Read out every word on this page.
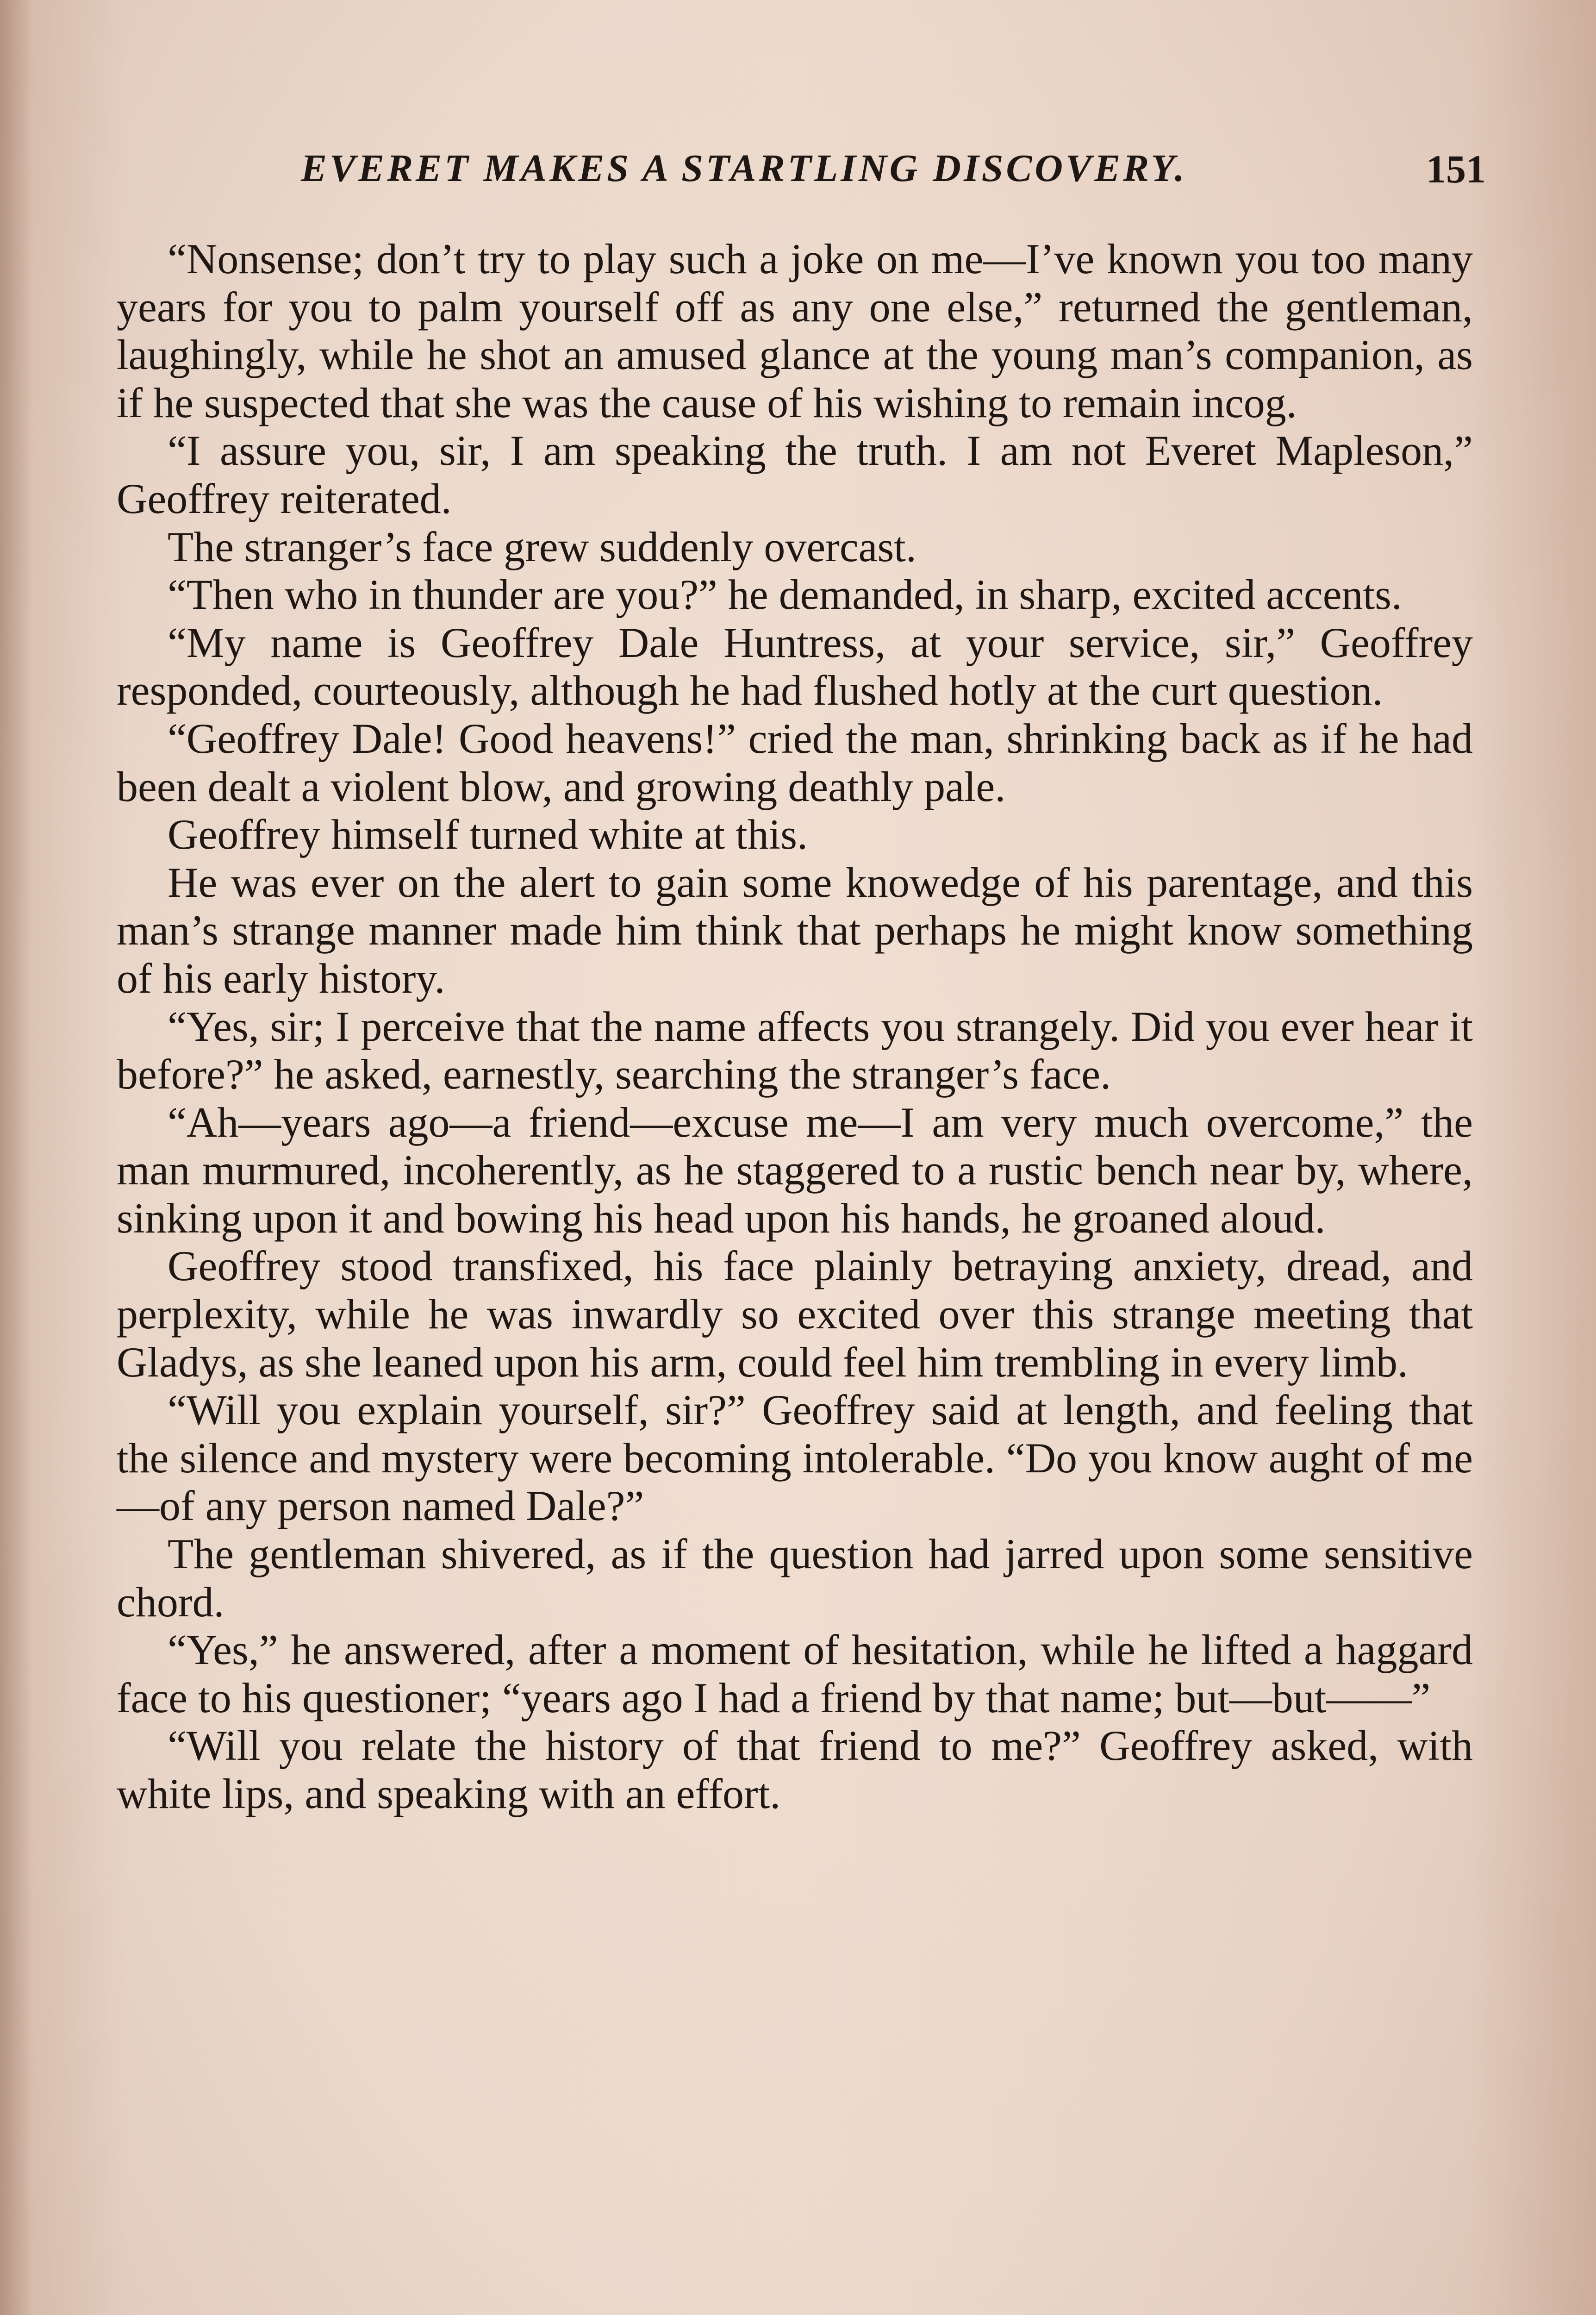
EVERET MAKES A STARTLING DISCOVERY.	151

“Nonsense; don’t try to play such a joke on me—I’ve known you too many years for you to palm yourself off as any one else,” returned the gentleman, laughingly, while he shot an amused glance at the young man’s companion, as if he suspected that she was the cause of his wishing to remain incog.

“I assure you, sir, I am speaking the truth. I am not Everet Mapleson,” Geoffrey reiterated.

The stranger’s face grew suddenly overcast.

“Then who in thunder are you?” he demanded, in sharp, excited accents.

“My name is Geoffrey Dale Huntress, at your service, sir,” Geoffrey responded, courteously, although he had flushed hotly at the curt question.

“Geoffrey Dale! Good heavens!” cried the man, shrinking back as if he had been dealt a violent blow, and growing deathly pale.

Geoffrey himself turned white at this.

He was ever on the alert to gain some knowedge of his parentage, and this man’s strange manner made him think that perhaps he might know something of his early history.

“Yes, sir; I perceive that the name affects you strangely. Did you ever hear it before?” he asked, earnestly, searching the stranger’s face.

“Ah—years ago—a friend—excuse me—I am very much overcome,” the man murmured, incoherently, as he staggered to a rustic bench near by, where, sinking upon it and bowing his head upon his hands, he groaned aloud.

Geoffrey stood transfixed, his face plainly betraying anxiety, dread, and perplexity, while he was inwardly so excited over this strange meeting that Gladys, as she leaned upon his arm, could feel him trembling in every limb.

“Will you explain yourself, sir?” Geoffrey said at length, and feeling that the silence and mystery were becoming intolerable. “Do you know aught of me—of any person named Dale?”

The gentleman shivered, as if the question had jarred upon some sensitive chord.

“Yes,” he answered, after a moment of hesitation, while he lifted a haggard face to his questioner; “years ago I had a friend by that name; but—but——”

“Will you relate the history of that friend to me?” Geoffrey asked, with white lips, and speaking with an effort.
